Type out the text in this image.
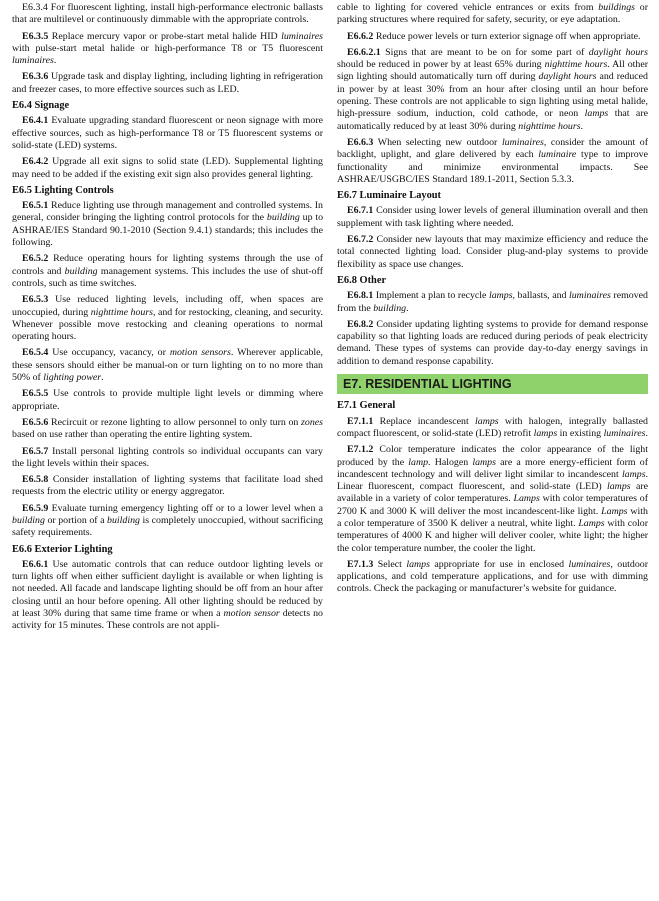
E6.3.4 For fluorescent lighting, install high-performance electronic ballasts that are multilevel or continuously dimmable with the appropriate controls.

E6.3.5 Replace mercury vapor or probe-start metal halide HID luminaires with pulse-start metal halide or high-performance T8 or T5 fluorescent luminaires.

E6.3.6 Upgrade task and display lighting, including lighting in refrigeration and freezer cases, to more effective sources such as LED.

E6.4 Signage

E6.4.1 Evaluate upgrading standard fluorescent or neon signage with more effective sources, such as high-performance T8 or T5 fluorescent systems or solid-state (LED) systems.

E6.4.2 Upgrade all exit signs to solid state (LED). Supplemental lighting may need to be added if the existing exit sign also provides general lighting.

E6.5 Lighting Controls

E6.5.1 Reduce lighting use through management and controlled systems. In general, consider bringing the lighting control protocols for the building up to ASHRAE/IES Standard 90.1-2010 (Section 9.4.1) standards; this includes the following.

E6.5.2 Reduce operating hours for lighting systems through the use of controls and building management systems. This includes the use of shut-off controls, such as time switches.

E6.5.3 Use reduced lighting levels, including off, when spaces are unoccupied, during nighttime hours, and for restocking, cleaning, and security. Whenever possible move restocking and cleaning operations to normal operating hours.

E6.5.4 Use occupancy, vacancy, or motion sensors. Wherever applicable, these sensors should either be manual-on or turn lighting on to no more than 50% of lighting power.

E6.5.5 Use controls to provide multiple light levels or dimming where appropriate.

E6.5.6 Recircuit or rezone lighting to allow personnel to only turn on zones based on use rather than operating the entire lighting system.

E6.5.7 Install personal lighting controls so individual occupants can vary the light levels within their spaces.

E6.5.8 Consider installation of lighting systems that facilitate load shed requests from the electric utility or energy aggregator.

E6.5.9 Evaluate turning emergency lighting off or to a lower level when a building or portion of a building is completely unoccupied, without sacrificing safety requirements.

E6.6 Exterior Lighting

E6.6.1 Use automatic controls that can reduce outdoor lighting levels or turn lights off when either sufficient daylight is available or when lighting is not needed. All facade and landscape lighting should be off from an hour after closing until an hour before opening. All other lighting should be reduced by at least 30% during that same time frame or when a motion sensor detects no activity for 15 minutes. These controls are not appli-

cable to lighting for covered vehicle entrances or exits from buildings or parking structures where required for safety, security, or eye adaptation.

E6.6.2 Reduce power levels or turn exterior signage off when appropriate.

E6.6.2.1 Signs that are meant to be on for some part of daylight hours should be reduced in power by at least 65% during nighttime hours. All other sign lighting should automatically turn off during daylight hours and reduced in power by at least 30% from an hour after closing until an hour before opening. These controls are not applicable to sign lighting using metal halide, high-pressure sodium, induction, cold cathode, or neon lamps that are automatically reduced by at least 30% during nighttime hours.

E6.6.3 When selecting new outdoor luminaires, consider the amount of backlight, uplight, and glare delivered by each luminaire type to improve functionality and minimize environmental impacts. See ASHRAE/USGBC/IES Standard 189.1-2011, Section 5.3.3.

E6.7 Luminaire Layout

E6.7.1 Consider using lower levels of general illumination overall and then supplement with task lighting where needed.

E6.7.2 Consider new layouts that may maximize efficiency and reduce the total connected lighting load. Consider plug-and-play systems to provide flexibility as space use changes.

E6.8 Other

E6.8.1 Implement a plan to recycle lamps, ballasts, and luminaires removed from the building.

E6.8.2 Consider updating lighting systems to provide for demand response capability so that lighting loads are reduced during periods of peak electricity demand. These types of systems can provide day-to-day energy savings in addition to demand response capability.

E7. RESIDENTIAL LIGHTING
E7.1 General

E7.1.1 Replace incandescent lamps with halogen, integrally ballasted compact fluorescent, or solid-state (LED) retrofit lamps in existing luminaires.

E7.1.2 Color temperature indicates the color appearance of the light produced by the lamp. Halogen lamps are a more energy-efficient form of incandescent technology and will deliver light similar to incandescent lamps. Linear fluorescent, compact fluorescent, and solid-state (LED) lamps are available in a variety of color temperatures. Lamps with color temperatures of 2700 K and 3000 K will deliver the most incandescent-like light. Lamps with a color temperature of 3500 K deliver a neutral, white light. Lamps with color temperatures of 4000 K and higher will deliver cooler, white light; the higher the color temperature number, the cooler the light.

E7.1.3 Select lamps appropriate for use in enclosed luminaires, outdoor applications, and cold temperature applications, and for use with dimming controls. Check the packaging or manufacturer’s website for guidance.
